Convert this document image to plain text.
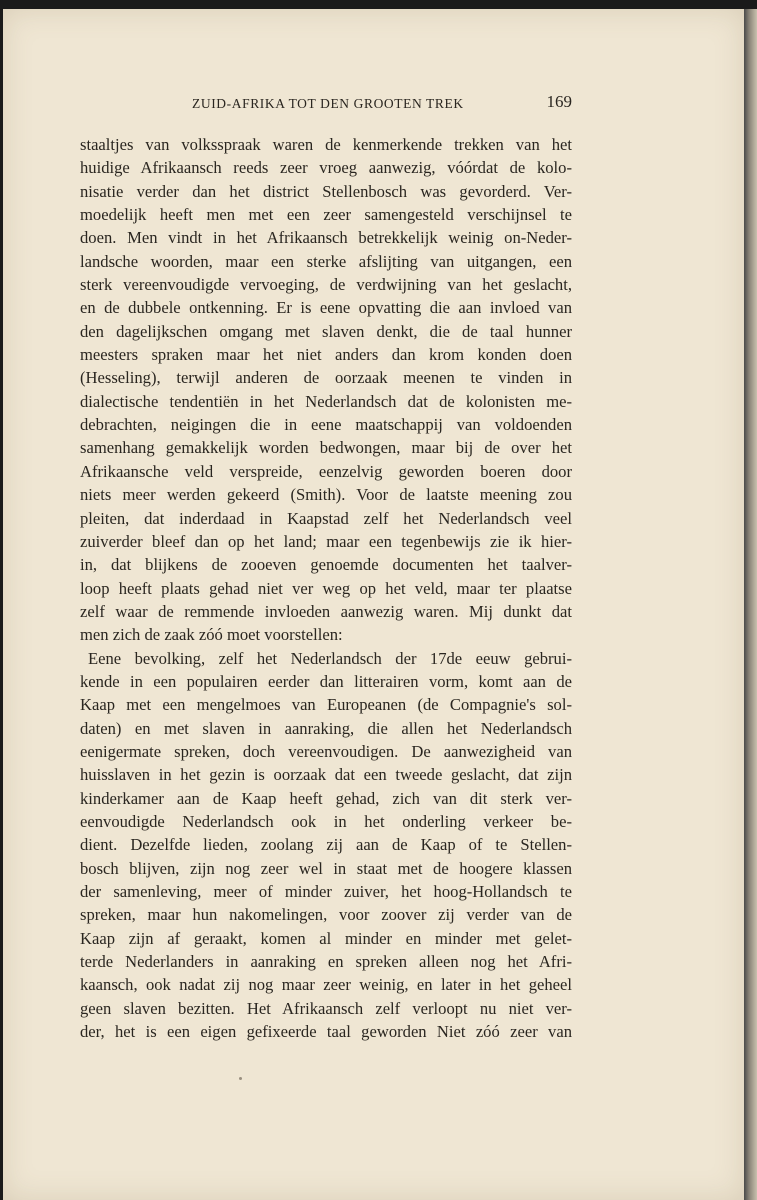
ZUID-AFRIKA TOT DEN GROOTEN TREK	169
staaltjes van volksspraak waren de kenmerkende trekken van het
huidige Afrikaansch reeds zeer vroeg aanwezig, vóórdat de kolo-
nisatie verder dan het district Stellenbosch was gevorderd. Ver-
moedelijk heeft men met een zeer samengesteld verschijnsel te
doen. Men vindt in het Afrikaansch betrekkelijk weinig on-Neder-
landsche woorden, maar een sterke afslijting van uitgangen, een
sterk vereenvoudigde vervoeging, de verdwijning van het geslacht,
en de dubbele ontkenning. Er is eene opvatting die aan invloed van
den dagelijkschen omgang met slaven denkt, die de taal hunner
meesters spraken maar het niet anders dan krom konden doen
(Hesseling), terwijl anderen de oorzaak meenen te vinden in
dialectische tendentiën in het Nederlandsch dat de kolonisten me-
debrachten, neigingen die in eene maatschappij van voldoenden
samenhang gemakkelijk worden bedwongen, maar bij de over het
Afrikaansche veld verspreide, eenzelvig geworden boeren door
niets meer werden gekeerd (Smith). Voor de laatste meening zou
pleiten, dat inderdaad in Kaapstad zelf het Nederlandsch veel
zuiverder bleef dan op het land; maar een tegenbewijs zie ik hier-
in, dat blijkens de zooeven genoemde documenten het taalver-
loop heeft plaats gehad niet ver weg op het veld, maar ter plaatse
zelf waar de remmende invloeden aanwezig waren. Mij dunkt dat
men zich de zaak zóó moet voorstellen:
Eene bevolking, zelf het Nederlandsch der 17de eeuw gebrui-
kende in een populairen eerder dan litterairen vorm, komt aan de
Kaap met een mengelmoes van Europeanen (de Compagnie's sol-
daten) en met slaven in aanraking, die allen het Nederlandsch
eenigermate spreken, doch vereenvoudigen. De aanwezigheid van
huisslaven in het gezin is oorzaak dat een tweede geslacht, dat zijn
kinderkamer aan de Kaap heeft gehad, zich van dit sterk ver-
eenvoudigde Nederlandsch ook in het onderling verkeer be-
dient. Dezelfde lieden, zoolang zij aan de Kaap of te Stellen-
bosch blijven, zijn nog zeer wel in staat met de hoogere klassen
der samenleving, meer of minder zuiver, het hoog-Hollandsch te
spreken, maar hun nakomelingen, voor zoover zij verder van de
Kaap zijn af geraakt, komen al minder en minder met gelet-
terde Nederlanders in aanraking en spreken alleen nog het Afri-
kaansch, ook nadat zij nog maar zeer weinig, en later in het geheel
geen slaven bezitten. Het Afrikaansch zelf verloopt nu niet ver-
der, het is een eigen gefixeerde taal geworden Niet zóó zeer van
